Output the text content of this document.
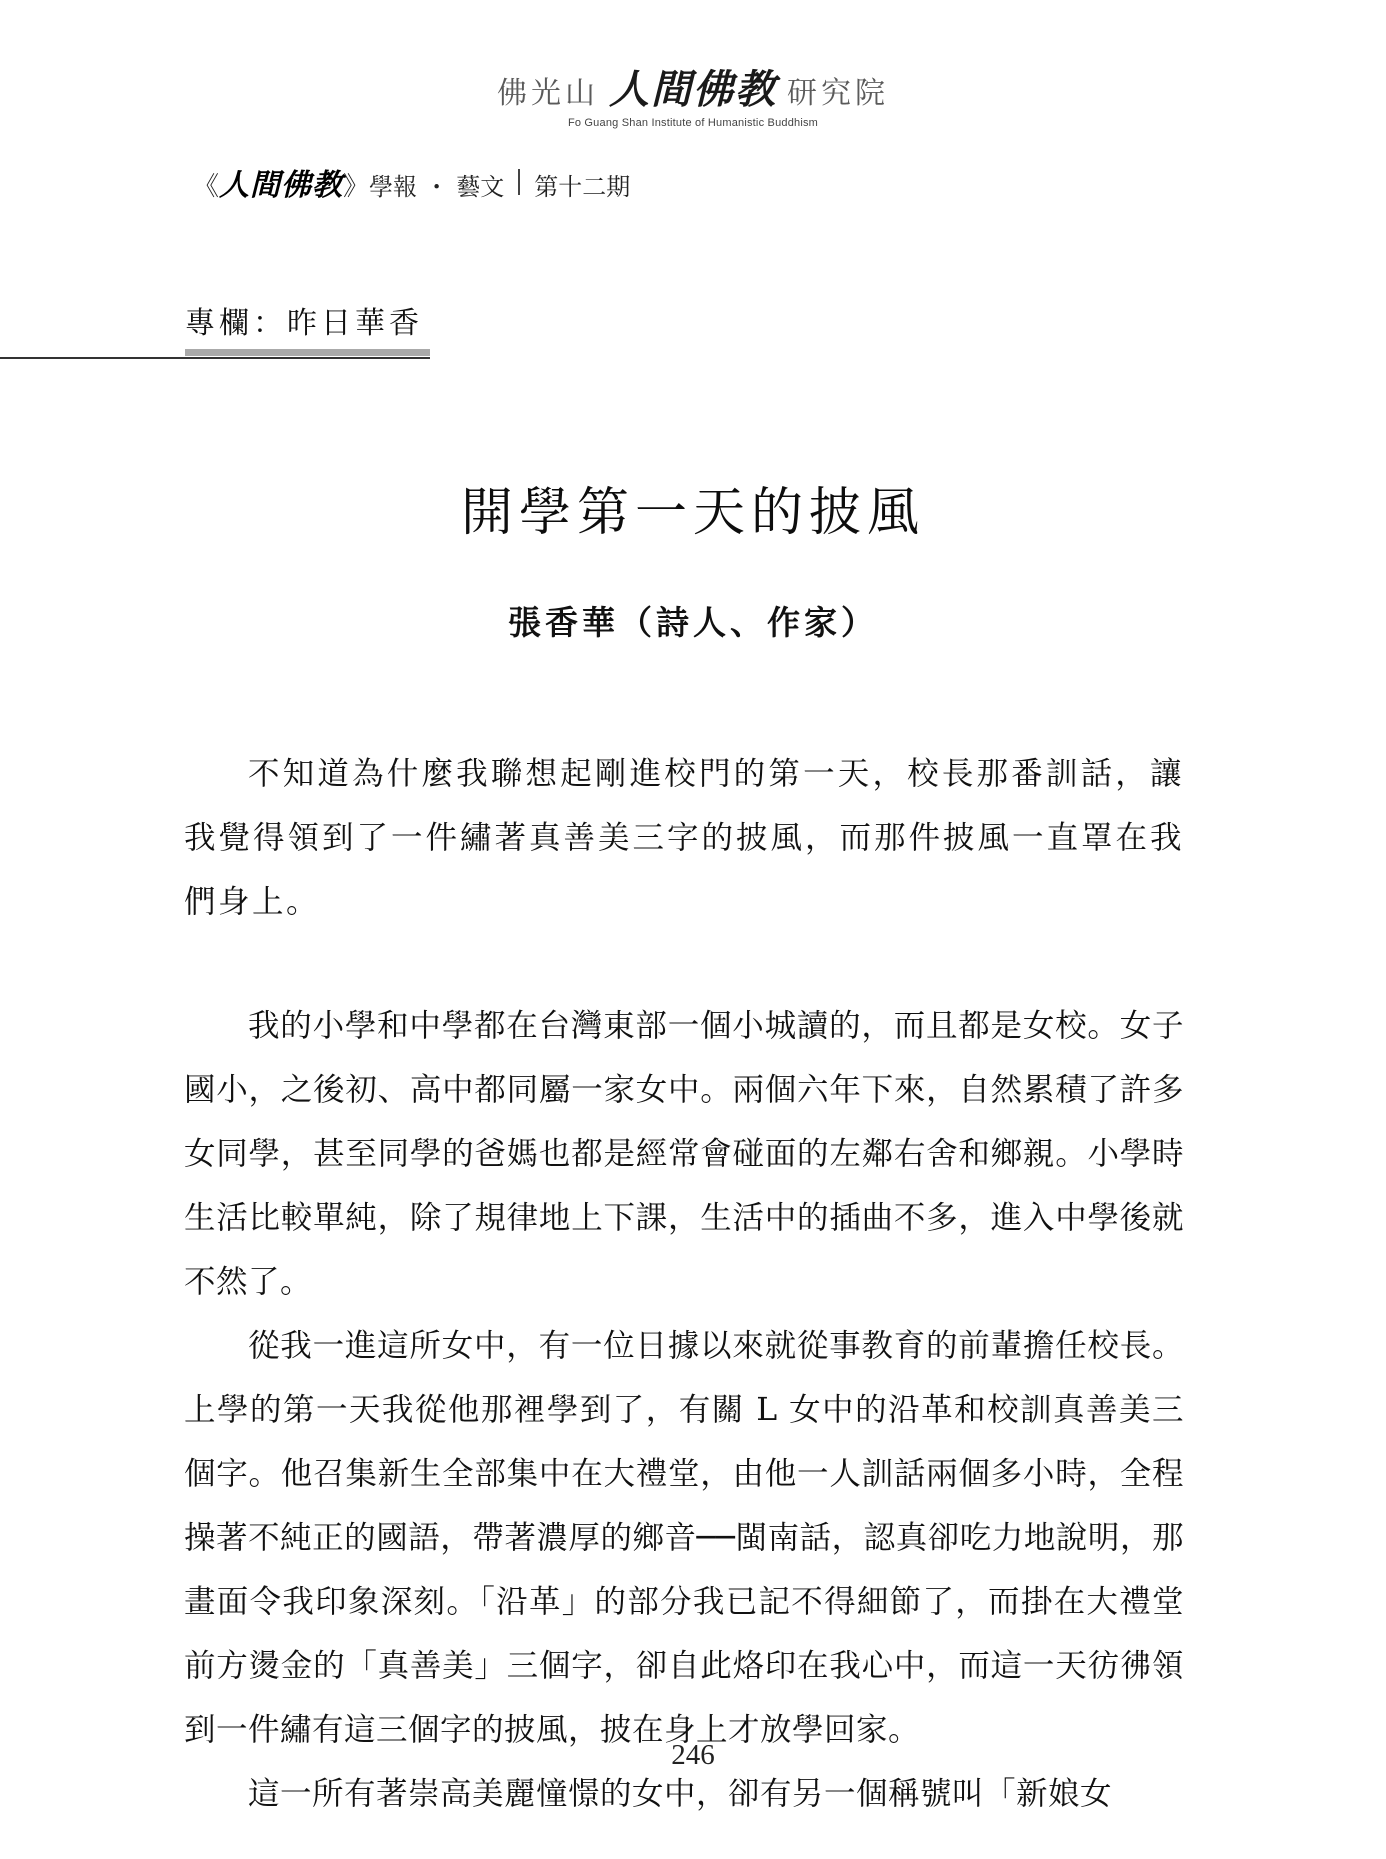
佛光山 人間佛教 研究院
Fo Guang Shan Institute of Humanistic Buddhism
《 人間佛教 》 學報 ・ 藝文 第十二期
專欄：昨日華香
開學第一天的披風
張香華（詩人、作家）

不知道為什麼我聯想起剛進校門的第一天，校長那番訓話，讓我覺得領到了一件繡著真善美三字的披風，而那件披風一直罩在我們身上。

我的小學和中學都在台灣東部一個小城讀的，而且都是女校。女子國小，之後初、高中都同屬一家女中。兩個六年下來，自然累積了許多女同學，甚至同學的爸媽也都是經常會碰面的左鄰右舍和鄉親。小學時生活比較單純，除了規律地上下課，生活中的插曲不多，進入中學後就不然了。

從我一進這所女中，有一位日據以來就從事教育的前輩擔任校長。上學的第一天我從他那裡學到了，有關 L 女中的沿革和校訓真善美三個字。他召集新生全部集中在大禮堂，由他一人訓話兩個多小時，全程操著不純正的國語，帶著濃厚的鄉音──閩南話，認真卻吃力地說明，那畫面令我印象深刻。「沿革」的部分我已記不得細節了，而掛在大禮堂前方燙金的「真善美」三個字，卻自此烙印在我心中，而這一天彷彿領到一件繡有這三個字的披風，披在身上才放學回家。

這一所有著崇高美麗憧憬的女中，卻有另一個稱號叫「新娘女

246
